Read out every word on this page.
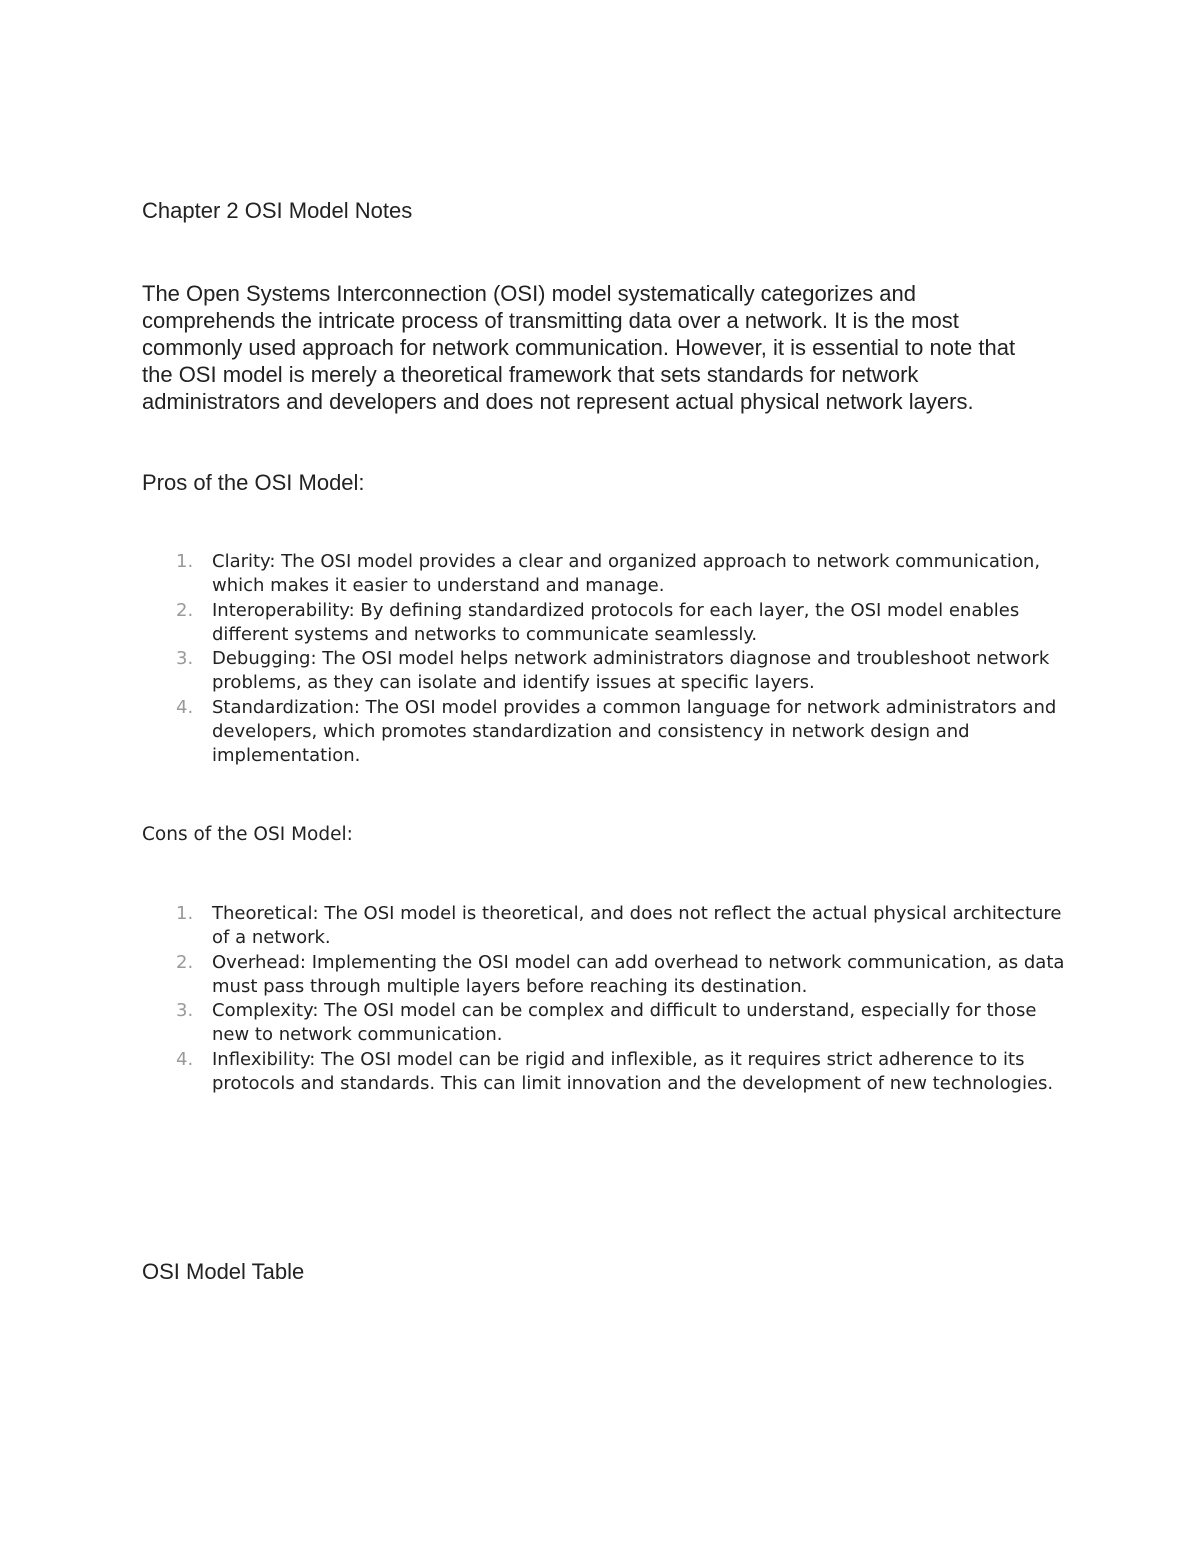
Chapter 2 OSI Model Notes

The Open Systems Interconnection (OSI) model systematically categorizes and comprehends the intricate process of transmitting data over a network. It is the most commonly used approach for network communication. However, it is essential to note that the OSI model is merely a theoretical framework that sets standards for network administrators and developers and does not represent actual physical network layers.

Pros of the OSI Model:
1. Clarity: The OSI model provides a clear and organized approach to network communication, which makes it easier to understand and manage.
2. Interoperability: By defining standardized protocols for each layer, the OSI model enables different systems and networks to communicate seamlessly.
3. Debugging: The OSI model helps network administrators diagnose and troubleshoot network problems, as they can isolate and identify issues at specific layers.
4. Standardization: The OSI model provides a common language for network administrators and developers, which promotes standardization and consistency in network design and implementation.
Cons of the OSI Model:
1. Theoretical: The OSI model is theoretical, and does not reflect the actual physical architecture of a network.
2. Overhead: Implementing the OSI model can add overhead to network communication, as data must pass through multiple layers before reaching its destination.
3. Complexity: The OSI model can be complex and difficult to understand, especially for those new to network communication.
4. Inflexibility: The OSI model can be rigid and inflexible, as it requires strict adherence to its protocols and standards. This can limit innovation and the development of new technologies.
OSI Model Table
